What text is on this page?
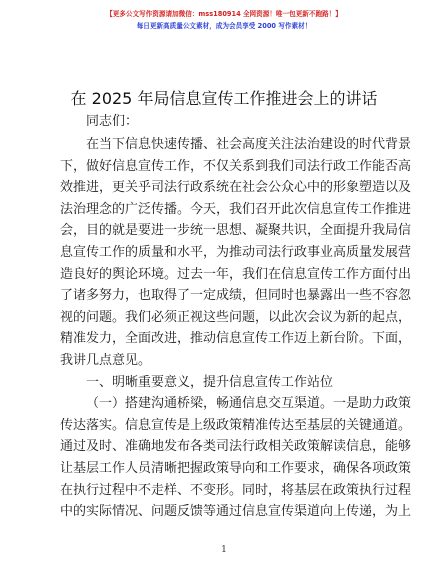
【更多公文写作资源请加微信：mss180914 全网资源！唯一包更新不跑路！】
每日更新高质量公文素材，成为会员享受 2000 写作素材！
在 2025 年局信息宣传工作推进会上的讲话
同志们：
在当下信息快速传播、社会高度关注法治建设的时代背景
下，做好信息宣传工作，不仅关系到我们司法行政工作能否高
效推进，更关乎司法行政系统在社会公众心中的形象塑造以及
法治理念的广泛传播。今天，我们召开此次信息宣传工作推进
会，目的就是要进一步统一思想、凝聚共识，全面提升我局信
息宣传工作的质量和水平，为推动司法行政事业高质量发展营
造良好的舆论环境。过去一年，我们在信息宣传工作方面付出
了诸多努力，也取得了一定成绩，但同时也暴露出一些不容忽
视的问题。我们必须正视这些问题，以此次会议为新的起点，
精准发力，全面改进，推动信息宣传工作迈上新台阶。下面，
我讲几点意见。
一、明晰重要意义，提升信息宣传工作站位
（一）搭建沟通桥梁，畅通信息交互渠道。一是助力政策
传达落实。信息宣传是上级政策精准传达至基层的关键通道。
通过及时、准确地发布各类司法行政相关政策解读信息，能够
让基层工作人员清晰把握政策导向和工作要求，确保各项政策
在执行过程中不走样、不变形。同时，将基层在政策执行过程
中的实际情况、问题反馈等通过信息宣传渠道向上传递，为上
1
